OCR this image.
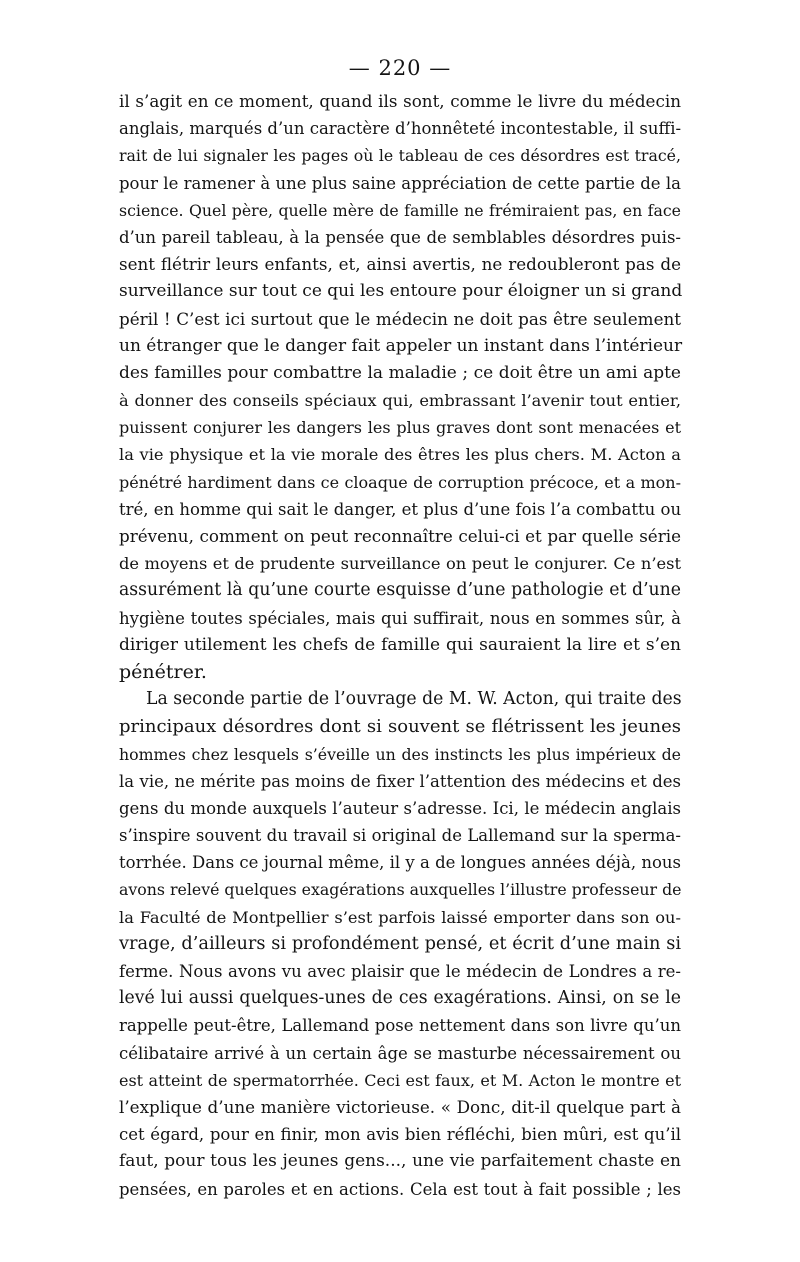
— 220 —
il s’agit en ce moment, quand ils sont, comme le livre du médecin
anglais, marqués d’un caractère d’honnêteté incontestable, il suffi-
rait de lui signaler les pages où le tableau de ces désordres est tracé,
pour le ramener à une plus saine appréciation de cette partie de la
science. Quel père, quelle mère de famille ne frémiraient pas, en face
d’un pareil tableau, à la pensée que de semblables désordres puis-
sent flétrir leurs enfants, et, ainsi avertis, ne redoubleront pas de
surveillance sur tout ce qui les entoure pour éloigner un si grand
péril ! C’est ici surtout que le médecin ne doit pas être seulement
un étranger que le danger fait appeler un instant dans l’intérieur
des familles pour combattre la maladie ; ce doit être un ami apte
à donner des conseils spéciaux qui, embrassant l’avenir tout entier,
puissent conjurer les dangers les plus graves dont sont menacées et
la vie physique et la vie morale des êtres les plus chers. M. Acton a
pénétré hardiment dans ce cloaque de corruption précoce, et a mon-
tré, en homme qui sait le danger, et plus d’une fois l’a combattu ou
prévenu, comment on peut reconnaître celui-ci et par quelle série
de moyens et de prudente surveillance on peut le conjurer. Ce n’est
assurément là qu’une courte esquisse d’une pathologie et d’une
hygiène toutes spéciales, mais qui suffirait, nous en sommes sûr, à
diriger utilement les chefs de famille qui sauraient la lire et s’en
pénétrer.
La seconde partie de l’ouvrage de M. W. Acton, qui traite des
principaux désordres dont si souvent se flétrissent les jeunes
hommes chez lesquels s’éveille un des instincts les plus impérieux de
la vie, ne mérite pas moins de fixer l’attention des médecins et des
gens du monde auxquels l’auteur s’adresse. Ici, le médecin anglais
s’inspire souvent du travail si original de Lallemand sur la sperma-
torrhée. Dans ce journal même, il y a de longues années déjà, nous
avons relevé quelques exagérations auxquelles l’illustre professeur de
la Faculté de Montpellier s’est parfois laissé emporter dans son ou-
vrage, d’ailleurs si profondément pensé, et écrit d’une main si
ferme. Nous avons vu avec plaisir que le médecin de Londres a re-
levé lui aussi quelques-unes de ces exagérations. Ainsi, on se le
rappelle peut-être, Lallemand pose nettement dans son livre qu’un
célibataire arrivé à un certain âge se masturbe nécessairement ou
est atteint de spermatorrhée. Ceci est faux, et M. Acton le montre et
l’explique d’une manière victorieuse. « Donc, dit-il quelque part à
cet égard, pour en finir, mon avis bien réfléchi, bien mûri, est qu’il
faut, pour tous les jeunes gens..., une vie parfaitement chaste en
pensées, en paroles et en actions. Cela est tout à fait possible ; les
